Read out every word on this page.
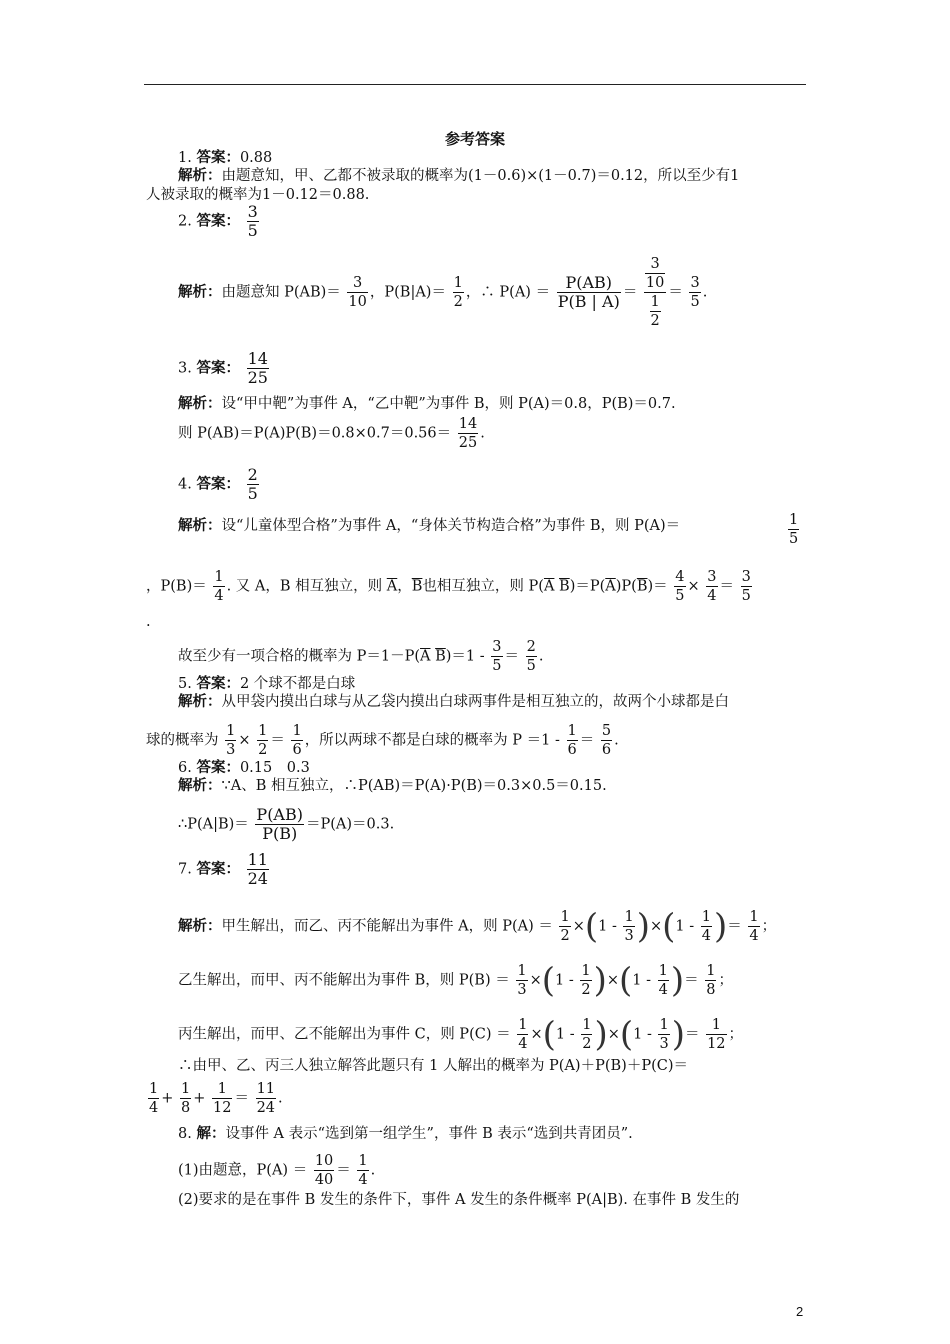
参考答案
1. 答案：0.88
解析：由题意知，甲、乙都不被录取的概率为(1－0.6)×(1－0.7)＝0.12，所以至少有1
人被录取的概率为1－0.12＝0.88.
2. 答案： $\frac{3}{5}$
解析：由题意知 $P(AB)= \frac{3}{10}$ ，$P(B|A)= \frac{1}{2}$ ，∴ $P(A) = \frac{P(AB)}{P(B | A)} = \frac{\frac{3}{10}}{\frac{1}{2}} = \frac{3}{5}$ .
3. 答案： $\frac{14}{25}$
解析：设“甲中靶”为事件 A，“乙中靶”为事件 B，则 P(A)＝0.8，P(B)＝0.7.
则 $P(AB)=P(A)P(B)=0.8\times 0.7=0.56= \frac{14}{25}$ .
4. 答案： $\frac{2}{5}$
解析：设“儿童体型合格”为事件 A，“身体关节构造合格”为事件 B，则 P(A)＝	$\frac{1}{5}$
，$P(B)= \frac{1}{4}$ . 又 A，B 相互独立，则 $\overline{A}$，$\overline{B}$也相互独立，则 $P(\overline{A}$ $\overline{B})=P(\overline{A})P(\overline{B})= \frac{4}{5} \times \frac{3}{4} = \frac{3}{5}$
.
故至少有一项合格的概率为 $P=1-P(\overline{A}$ $\overline{B})=1 - \frac{3}{5} = \frac{2}{5}$ .
5. 答案：2 个球不都是白球
解析：从甲袋内摸出白球与从乙袋内摸出白球两事件是相互独立的，故两个小球都是白
球的概率为 $\frac{1}{3} \times \frac{1}{2} = \frac{1}{6}$ ，所以两球不都是白球的概率为 $P =1 - \frac{1}{6} = \frac{5}{6}$ .
6. 答案：0.15　0.3
解析：∵A、B 相互独立，∴P(AB)＝P(A)·P(B)＝0.3×0.5＝0.15.
∴P(A|B)＝ $\frac{P(AB)}{P(B)} =P(A)=0.3$.
7. 答案： $\frac{11}{24}$
解析：甲生解出，而乙、丙不能解出为事件 A，则 $P(A) = \frac{1}{2} \times(1 - \frac{1}{3} )\times(1 - \frac{1}{4}$ )＝ $\frac{1}{4}$ ；
乙生解出，而甲、丙不能解出为事件 B，则 $P(B) = \frac{1}{3} \times(1 - \frac{1}{2} )\times(1 - \frac{1}{4}$ )＝ $\frac{1}{8}$ ；
丙生解出，而甲、乙不能解出为事件 C，则 $P(C) = \frac{1}{4} \times(1 - \frac{1}{2} )\times(1 - \frac{1}{3}$ )＝ $\frac{1}{12}$ ；
∴由甲、乙、丙三人独立解答此题只有 1 人解出的概率为 P(A)＋P(B)＋P(C)＝
$\frac{1}{4} + \frac{1}{8} + \frac{1}{12} = \frac{11}{24}$ .
8. 解：设事件 A 表示“选到第一组学生”，事件 B 表示“选到共青团员”.
(1)由题意，$P(A) = \frac{10}{40} = \frac{1}{4}$ .
(2)要求的是在事件 B 发生的条件下，事件 A 发生的条件概率 P(A|B). 在事件 B 发生的
2
